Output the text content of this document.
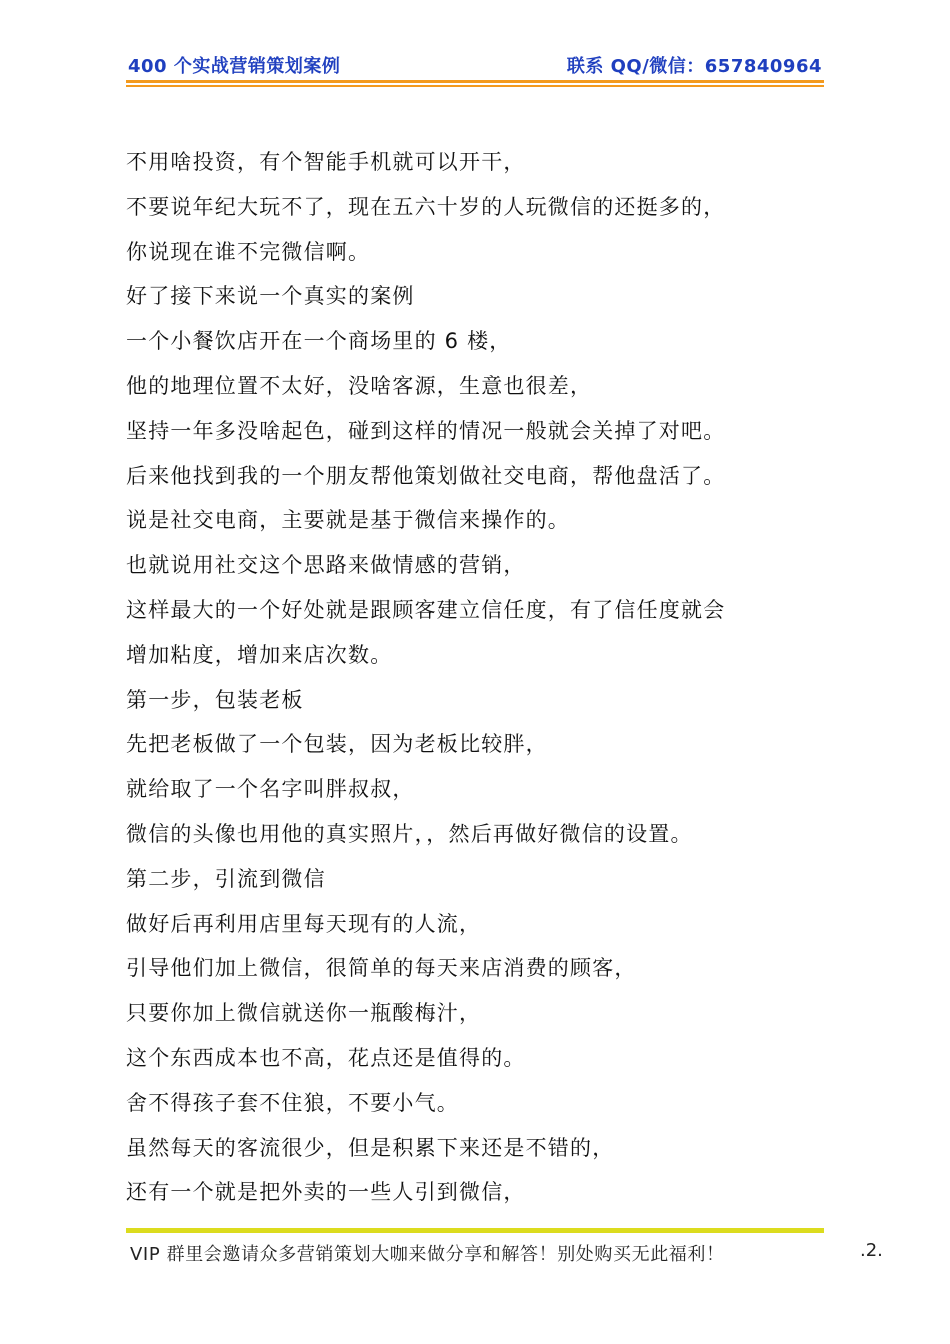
400 个实战营销策划案例	联系 QQ/微信：657840964
不用啥投资，有个智能手机就可以开干，
不要说年纪大玩不了，现在五六十岁的人玩微信的还挺多的，
你说现在谁不完微信啊。
好了接下来说一个真实的案例
一个小餐饮店开在一个商场里的 6 楼，
他的地理位置不太好，没啥客源，生意也很差，
坚持一年多没啥起色，碰到这样的情况一般就会关掉了对吧。
后来他找到我的一个朋友帮他策划做社交电商，帮他盘活了。
说是社交电商，主要就是基于微信来操作的。
也就说用社交这个思路来做情感的营销，
这样最大的一个好处就是跟顾客建立信任度，有了信任度就会
增加粘度，增加来店次数。
第一步，包装老板
先把老板做了一个包装，因为老板比较胖，
就给取了一个名字叫胖叔叔，
微信的头像也用他的真实照片，，然后再做好微信的设置。
第二步，引流到微信
做好后再利用店里每天现有的人流，
引导他们加上微信，很简单的每天来店消费的顾客，
只要你加上微信就送你一瓶酸梅汁，
这个东西成本也不高，花点还是值得的。
舍不得孩子套不住狼，不要小气。
虽然每天的客流很少，但是积累下来还是不错的，
还有一个就是把外卖的一些人引到微信，
VIP 群里会邀请众多营销策划大咖来做分享和解答！别处购买无此福利！	.2.
